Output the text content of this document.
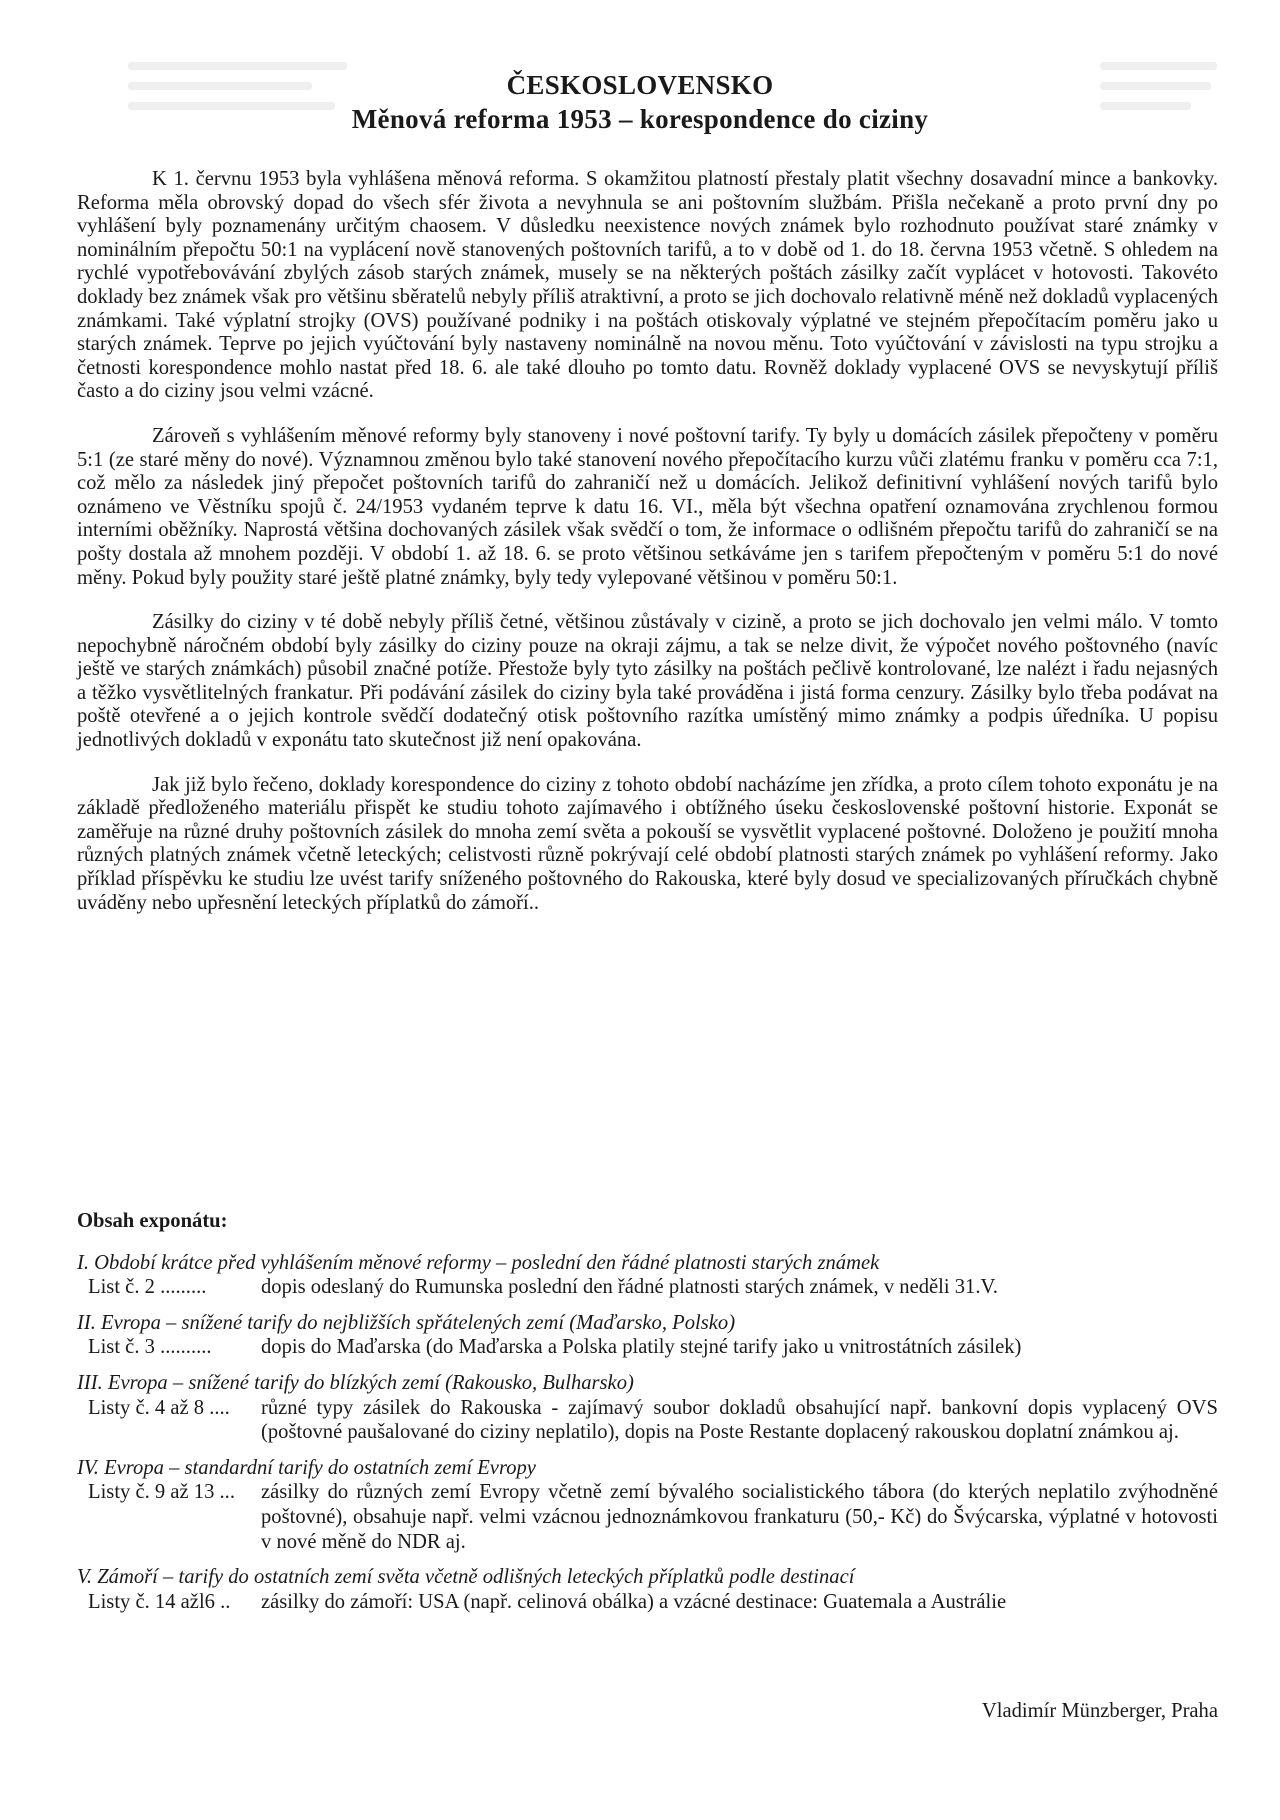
ČESKOSLOVENSKO
Měnová reforma 1953 – korespondence do ciziny

K 1. červnu 1953 byla vyhlášena měnová reforma. S okamžitou platností přestaly platit všechny dosavadní mince a bankovky. Reforma měla obrovský dopad do všech sfér života a nevyhnula se ani poštovním službám. Přišla nečekaně a proto první dny po vyhlášení byly poznamenány určitým chaosem. V důsledku neexistence nových známek bylo rozhodnuto používat staré známky v nominálním přepočtu 50:1 na vyplácení nově stanovených poštovních tarifů, a to v době od 1. do 18. června 1953 včetně. S ohledem na rychlé vypotřebovávání zbylých zásob starých známek, musely se na některých poštách zásilky začít vyplácet v hotovosti. Takovéto doklady bez známek však pro většinu sběratelů nebyly příliš atraktivní, a proto se jich dochovalo relativně méně než dokladů vyplacených známkami. Také výplatní strojky (OVS) používané podniky i na poštách otiskovaly výplatné ve stejném přepočítacím poměru jako u starých známek. Teprve po jejich vyúčtování byly nastaveny nominálně na novou měnu. Toto vyúčtování v závislosti na typu strojku a četnosti korespondence mohlo nastat před 18. 6. ale také dlouho po tomto datu. Rovněž doklady vyplacené OVS se nevyskytují příliš často a do ciziny jsou velmi vzácné.

Zároveň s vyhlášením měnové reformy byly stanoveny i nové poštovní tarify. Ty byly u domácích zásilek přepočteny v poměru 5:1 (ze staré měny do nové). Významnou změnou bylo také stanovení nového přepočítacího kurzu vůči zlatému franku v poměru cca 7:1, což mělo za následek jiný přepočet poštovních tarifů do zahraničí než u domácích. Jelikož definitivní vyhlášení nových tarifů bylo oznámeno ve Věstníku spojů č. 24/1953 vydaném teprve k datu 16. VI., měla být všechna opatření oznamována zrychlenou formou interními oběžníky. Naprostá většina dochovaných zásilek však svědčí o tom, že informace o odlišném přepočtu tarifů do zahraničí se na pošty dostala až mnohem později. V období 1. až 18. 6. se proto většinou setkáváme jen s tarifem přepočteným v poměru 5:1 do nové měny. Pokud byly použity staré ještě platné známky, byly tedy vylepované většinou v poměru 50:1.

Zásilky do ciziny v té době nebyly příliš četné, většinou zůstávaly v cizině, a proto se jich dochovalo jen velmi málo. V tomto nepochybně náročném období byly zásilky do ciziny pouze na okraji zájmu, a tak se nelze divit, že výpočet nového poštovného (navíc ještě ve starých známkách) působil značné potíže. Přestože byly tyto zásilky na poštách pečlivě kontrolované, lze nalézt i řadu nejasných a těžko vysvětlitelných frankatur. Při podávání zásilek do ciziny byla také prováděna i jistá forma cenzury. Zásilky bylo třeba podávat na poště otevřené a o jejich kontrole svědčí dodatečný otisk poštovního razítka umístěný mimo známky a podpis úředníka. U popisu jednotlivých dokladů v exponátu tato skutečnost již není opakována.

Jak již bylo řečeno, doklady korespondence do ciziny z tohoto období nacházíme jen zřídka, a proto cílem tohoto exponátu je na základě předloženého materiálu přispět ke studiu tohoto zajímavého i obtížného úseku československé poštovní historie. Exponát se zaměřuje na různé druhy poštovních zásilek do mnoha zemí světa a pokouší se vysvětlit vyplacené poštovné. Doloženo je použití mnoha různých platných známek včetně leteckých; celistvosti různě pokrývají celé období platnosti starých známek po vyhlášení reformy. Jako příklad příspěvku ke studiu lze uvést tarify sníženého poštovného do Rakouska, které byly dosud ve specializovaných příručkách chybně uváděny nebo upřesnění leteckých příplatků do zámoří..

Obsah exponátu:
I. Období krátce před vyhlášením měnové reformy – poslední den řádné platnosti starých známek
List č. 2 .........	dopis odeslaný do Rumunska poslední den řádné platnosti starých známek, v neděli 31.V.
II. Evropa – snížené tarify do nejbližších spřátelených zemí (Maďarsko, Polsko)
List č. 3 ..........	dopis do Maďarska (do Maďarska a Polska platily stejné tarify jako u vnitrostátních zásilek)
III. Evropa – snížené tarify do blízkých zemí (Rakousko, Bulharsko)
Listy č. 4 až 8 ....	různé typy zásilek do Rakouska - zajímavý soubor dokladů obsahující např. bankovní dopis vyplacený OVS (poštovné paušalované do ciziny neplatilo), dopis na Poste Restante doplacený rakouskou doplatní známkou aj.
IV. Evropa – standardní tarify do ostatních zemí Evropy
Listy č. 9 až 13 ...	zásilky do různých zemí Evropy včetně zemí bývalého socialistického tábora (do kterých neplatilo zvýhodněné poštovné), obsahuje např. velmi vzácnou jednoznámkovou frankaturu (50,- Kč) do Švýcarska, výplatné v hotovosti v nové měně do NDR aj.
V. Zámoří – tarify do ostatních zemí světa včetně odlišných leteckých příplatků podle destinací
Listy č. 14 ažl6 ..	zásilky do zámoří: USA (např. celinová obálka) a vzácné destinace: Guatemala a Austrálie
Vladimír Münzberger, Praha
